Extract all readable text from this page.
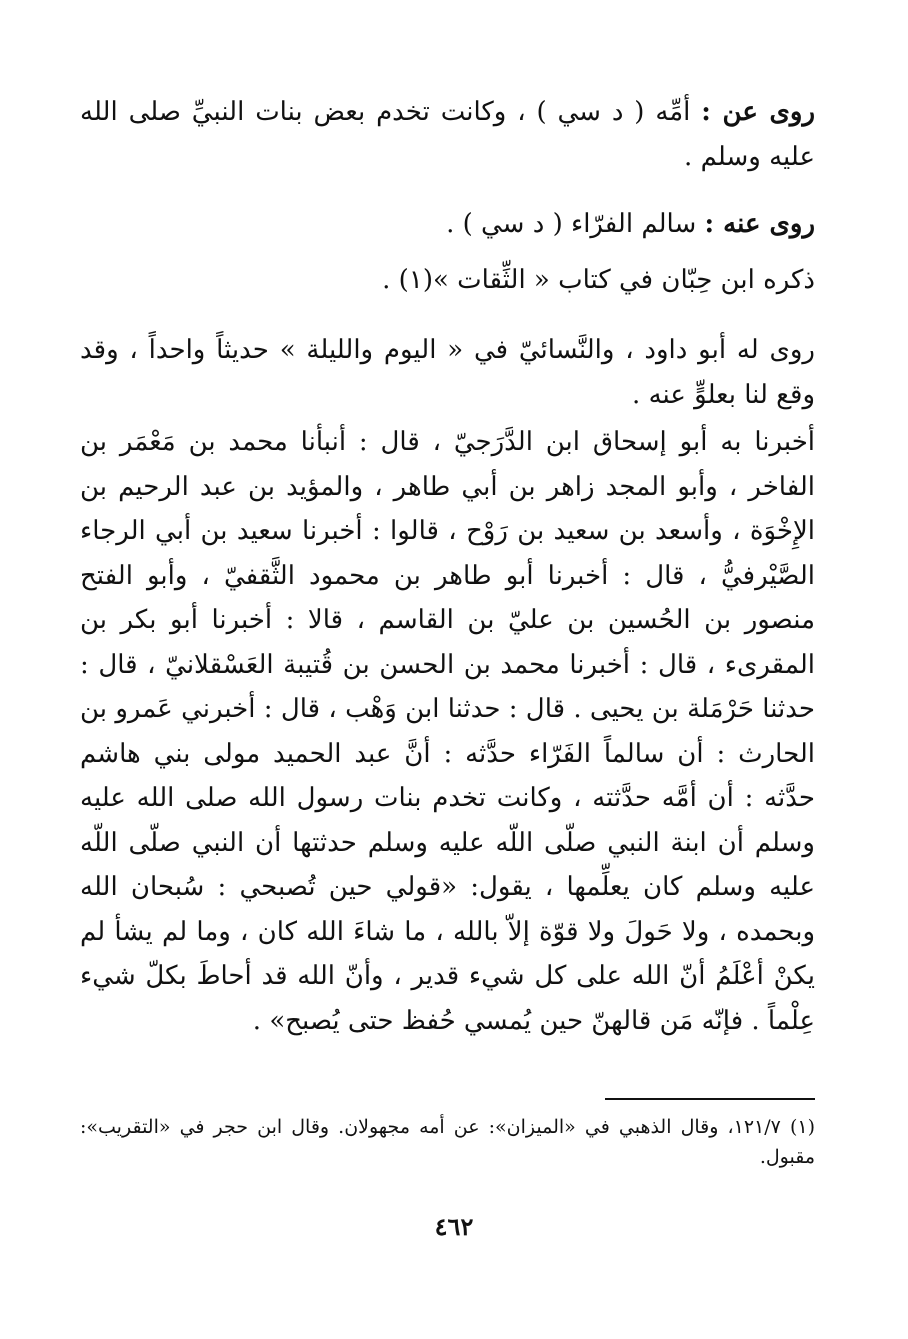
روى عن : أمِّه ( د سي ) ، وكانت تخدم بعض بنات النبيِّ صلى الله عليه وسلم .
روى عنه : سالم الفرّاء ( د سي ) .
ذكره ابن حِبّان في كتاب « الثِّقات »(١) .
روى له أبو داود ، والنَّسائيّ في « اليوم والليلة » حديثاً واحداً ، وقد وقع لنا بعلوٍّ عنه .
أخبرنا به أبو إسحاق ابن الدَّرَجيّ ، قال : أنبأنا محمد بن مَعْمَر بن الفاخر ، وأبو المجد زاهر بن أبي طاهر ، والمؤيد بن عبد الرحيم بن الإِخْوَة ، وأسعد بن سعيد بن رَوْح ، قالوا : أخبرنا سعيد بن أبي الرجاء الصَّيْرفيُّ ، قال : أخبرنا أبو طاهر بن محمود الثَّقفيّ ، وأبو الفتح منصور بن الحُسين بن عليّ بن القاسم ، قالا : أخبرنا أبو بكر بن المقرىء ، قال : أخبرنا محمد بن الحسن بن قُتيبة العَسْقلانيّ ، قال : حدثنا حَرْمَلة بن يحيى . قال : حدثنا ابن وَهْب ، قال : أخبرني عَمرو بن الحارث : أن سالماً الفَرّاء حدَّثه : أنَّ عبد الحميد مولى بني هاشم حدَّثه : أن أمَّه حدَّثته ، وكانت تخدم بنات رسول الله صلى الله عليه وسلم أن ابنة النبي صلّى اللّه عليه وسلم حدثتها أن النبي صلّى اللّه عليه وسلم كان يعلِّمها ، يقول: «قولي حين تُصبحي : سُبحان الله وبحمده ، ولا حَولَ ولا قوّة إلاّ بالله ، ما شاءَ الله كان ، وما لم يشأ لم يكنْ أعْلَمُ أنّ الله على كل شيء قدير ، وأنّ الله قد أحاطَ بكلّ شيء عِلْماً . فإنّه مَن قالهنّ حين يُمسي حُفظ حتى يُصبح» .
(١) ١٢١/٧، وقال الذهبي في «الميزان»: عن أمه مجهولان. وقال ابن حجر في «التقريب»: مقبول.
٤٦٢
